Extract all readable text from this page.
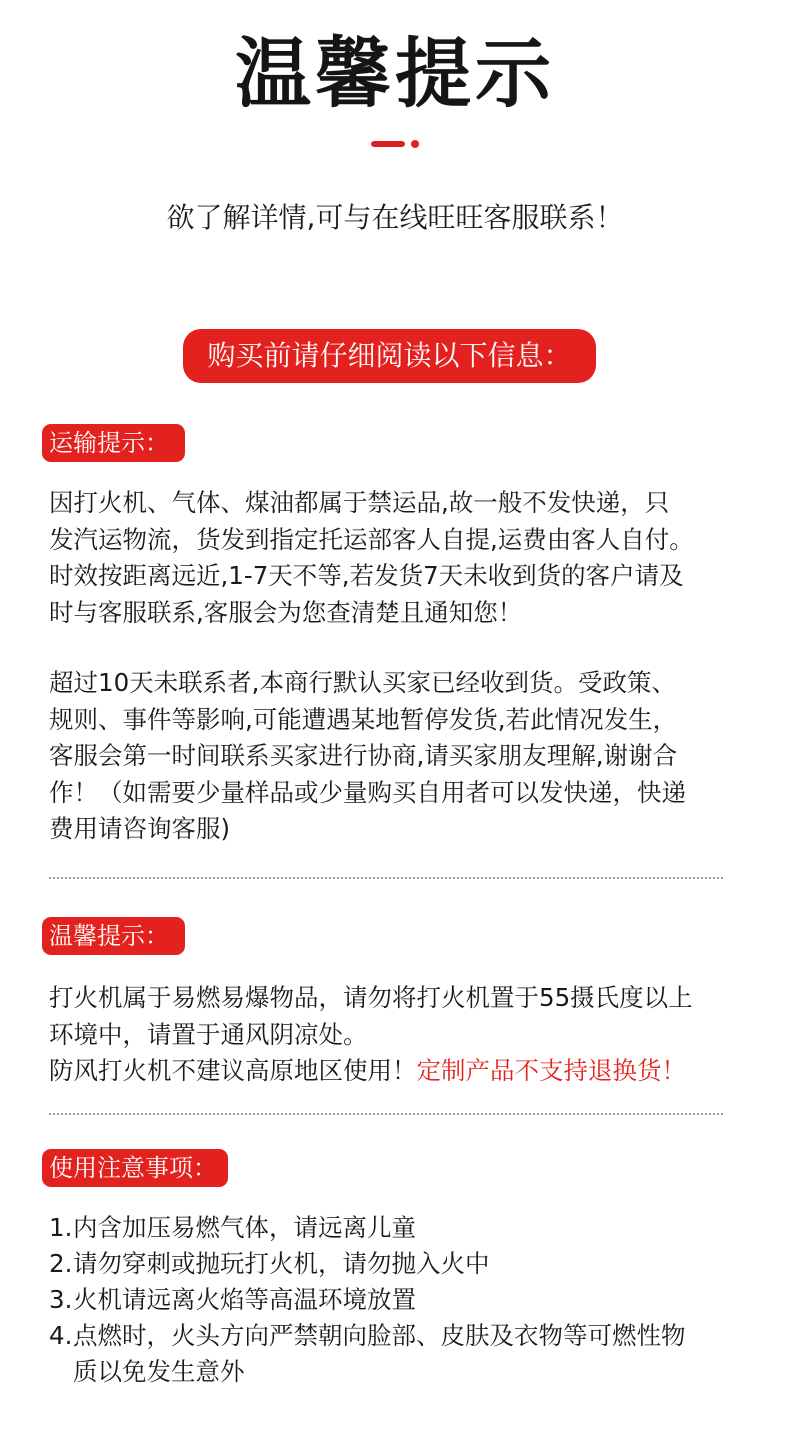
温馨提示
欲了解详情,可与在线旺旺客服联系！
购买前请仔细阅读以下信息：
运输提示：
因打火机、气体、煤油都属于禁运品,故一般不发快递，只
发汽运物流，货发到指定托运部客人自提,运费由客人自付。
时效按距离远近,1-7天不等,若发货7天未收到货的客户请及
时与客服联系,客服会为您查清楚且通知您！
超过10天未联系者,本商行默认买家已经收到货。受政策、
规则、事件等影响,可能遭遇某地暂停发货,若此情况发生，
客服会第一时间联系买家进行协商,请买家朋友理解,谢谢合
作！（如需要少量样品或少量购买自用者可以发快递，快递
费用请咨询客服)
温馨提示：
打火机属于易燃易爆物品，请勿将打火机置于55摄氏度以上
环境中，请置于通风阴凉处。
防风打火机不建议高原地区使用！定制产品不支持退换货！
使用注意事项：
1. 内含加压易燃气体，请远离儿童
2. 请勿穿刺或抛玩打火机，请勿抛入火中
3. 火机请远离火焰等高温环境放置
4. 点燃时，火头方向严禁朝向脸部、皮肤及衣物等可燃性物
质以免发生意外
